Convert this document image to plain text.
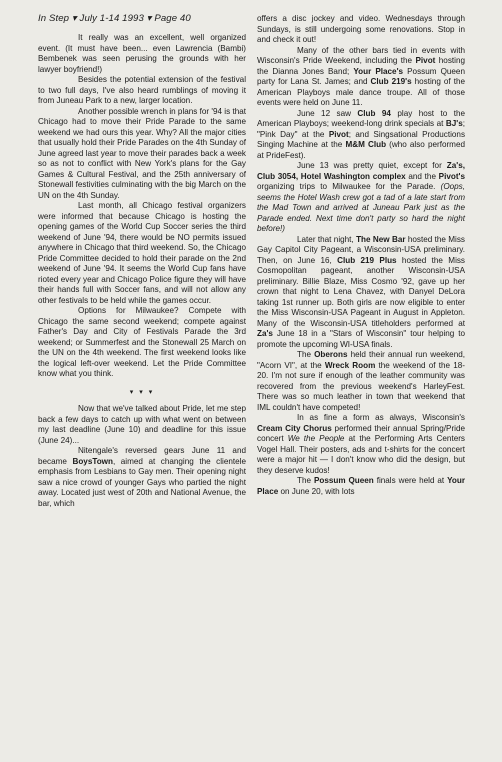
In Step ▾ July 1-14 1993 ▾ Page 40

It really was an excellent, well organized event. (It must have been... even Lawrencia (Bambi) Bembenek was seen perusing the grounds with her lawyer boyfriend!)

Besides the potential extension of the festival to two full days, I've also heard rumblings of moving it from Juneau Park to a new, larger location.

Another possible wrench in plans for '94 is that Chicago had to move their Pride Parade to the same weekend we had ours this year. Why? All the major cities that usually hold their Pride Parades on the 4th Sunday of June agreed last year to move their parades back a week so as not to conflict with New York's plans for the Gay Games & Cultural Festival, and the 25th anniversary of Stonewall festivities culminating with the big March on the UN on the 4th Sunday.

Last month, all Chicago festival organizers were informed that because Chicago is hosting the opening games of the World Cup Soccer series the third weekend of June '94, there would be NO permits issued anywhere in Chicago that third weekend. So, the Chicago Pride Committee decided to hold their parade on the 2nd weekend of June '94. It seems the World Cup fans have rioted every year and Chicago Police figure they will have their hands full with Soccer fans, and will not allow any other festivals to be held while the games occur.

Options for Milwaukee? Compete with Chicago the same second weekend; compete against Father's Day and City of Festivals Parade the 3rd weekend; or Summerfest and the Stonewall 25 March on the UN on the 4th weekend. The first weekend looks like the logical left-over weekend. Let the Pride Committee know what you think.

▾ ▾ ▾

Now that we've talked about Pride, let me step back a few days to catch up with what went on between my last deadline (June 10) and deadline for this issue (June 24)...

Nitengale's reversed gears June 11 and became BoysTown, aimed at changing the clientele emphasis from Lesbians to Gay men. Their opening night saw a nice crowd of younger Gays who partied the night away. Located just west of 20th and National Avenue, the bar, which

offers a disc jockey and video. Wednesdays through Sundays, is still undergoing some renovations. Stop in and check it out!

Many of the other bars tied in events with Wisconsin's Pride Weekend, including the Pivot hosting the Dianna Jones Band; Your Place's Possum Queen party for Lana St. James; and Club 219's hosting of the American Playboys male dance troupe. All of those events were held on June 11.

June 12 saw Club 94 play host to the American Playboys; weekend-long drink specials at BJ's; "Pink Day" at the Pivot; and Singsational Productions Singing Machine at the M&M Club (who also performed at PrideFest).

June 13 was pretty quiet, except for Za's, Club 3054, Hotel Washington complex and the Pivot's organizing trips to Milwaukee for the Parade. (Oops, seems the Hotel Wash crew got a tad of a late start from the Mad Town and arrived at Juneau Park just as the Parade ended. Next time don't party so hard the night before!)

Later that night, The New Bar hosted the Miss Gay Capitol City Pageant, a Wisconsin-USA preliminary. Then, on June 16, Club 219 Plus hosted the Miss Cosmopolitan pageant, another Wisconsin-USA preliminary. Billie Blaze, Miss Cosmo '92, gave up her crown that night to Lena Chavez, with Danyel DeLora taking 1st runner up. Both girls are now eligible to enter the Miss Wisconsin-USA Pageant in August in Appleton. Many of the Wisconsin-USA titleholders performed at Za's June 18 in a "Stars of Wisconsin" tour helping to promote the upcoming WI-USA finals.

The Oberons held their annual run weekend, "Acorn VI", at the Wreck Room the weekend of the 18-20. I'm not sure if enough of the leather community was recovered from the previous weekend's HarleyFest. There was so much leather in town that weekend that IML couldn't have competed!

In as fine a form as always, Wisconsin's Cream City Chorus performed their annual Spring/Pride concert We the People at the Performing Arts Centers Vogel Hall. Their posters, ads and t-shirts for the concert were a major hit — I don't know who did the design, but they deserve kudos!

The Possum Queen finals were held at Your Place on June 20, with lots
